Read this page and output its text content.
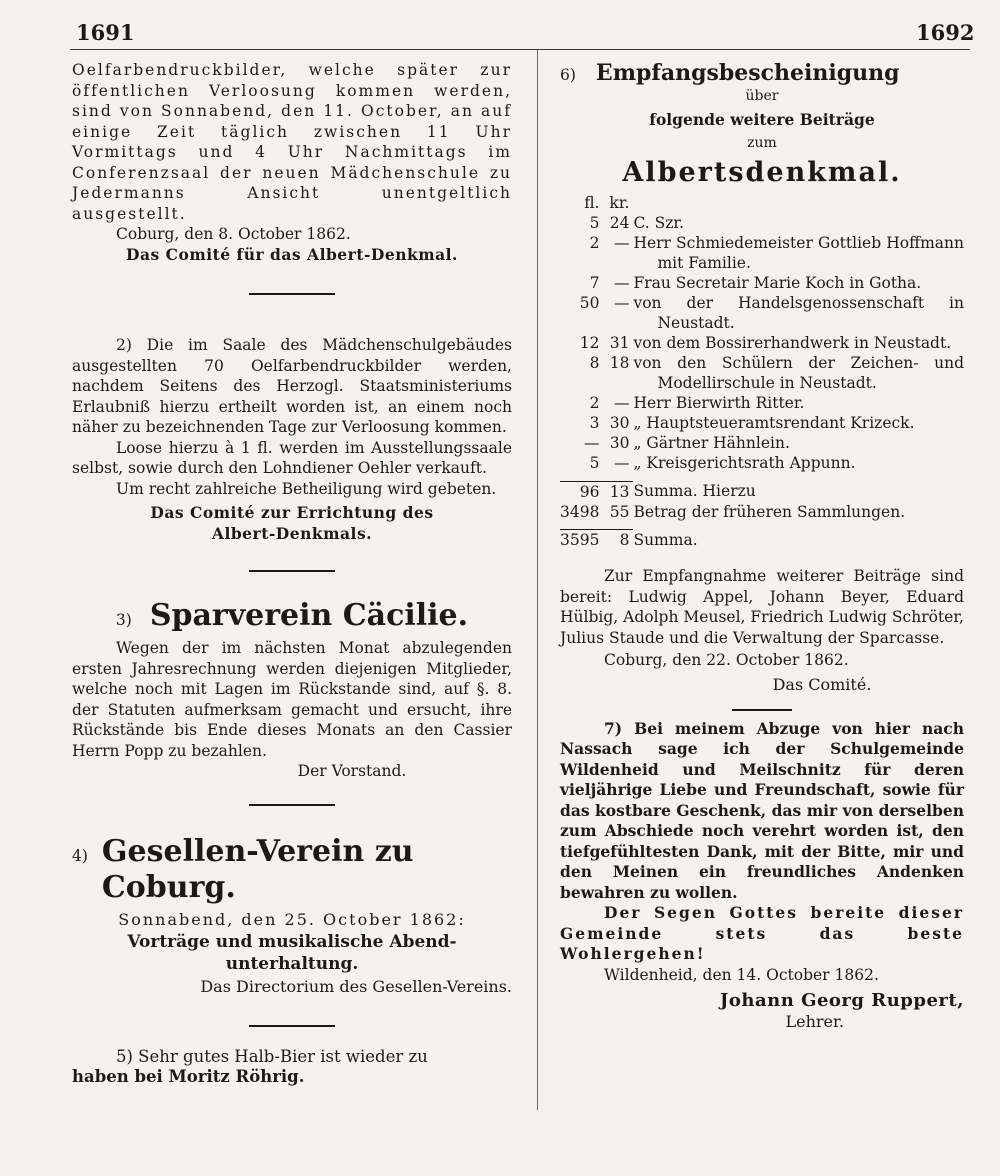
1691	1692

Oelfarbendruckbilder, welche später zur öffentlichen Verloosung kommen werden, sind von Sonnabend, den 11. October, an auf einige Zeit täglich zwischen 11 Uhr Vormittags und 4 Uhr Nachmittags im Conferenzsaal der neuen Mädchenschule zu Jedermanns Ansicht unentgeltlich ausgestellt.

Coburg, den 8. October 1862.

Das Comité für das Albert-Denkmal.

2) Die im Saale des Mädchenschulgebäudes ausgestellten 70 Oelfarbendruckbilder werden, nachdem Seitens des Herzogl. Staatsministeriums Erlaubniß hierzu ertheilt worden ist, an einem noch näher zu bezeichnenden Tage zur Verloosung kommen.

Loose hierzu à 1 fl. werden im Ausstellungssaale selbst, sowie durch den Lohndiener Oehler verkauft.

Um recht zahlreiche Betheiligung wird gebeten.

Das Comité zur Errichtung des

Albert-Denkmals.

3) Sparverein Cäcilie.

Wegen der im nächsten Monat abzulegenden ersten Jahresrechnung werden diejenigen Mitglieder, welche noch mit Lagen im Rückstande sind, auf §. 8. der Statuten aufmerksam gemacht und ersucht, ihre Rückstände bis Ende dieses Monats an den Cassier Herrn Popp zu bezahlen.

Der Vorstand.

4) Gesellen-Verein zu Coburg.

Sonnabend, den 25. October 1862:

Vorträge und musikalische Abend-

unterhaltung.

Das Directorium des Gesellen-Vereins.

5) Sehr gutes Halb-Bier ist wieder zu

haben bei Moritz Röhrig.

6) Empfangsbescheinigung

über

folgende weitere Beiträge

zum

Albertsdenkmal.

fl.	kr.	
5	24	C. Szr.
2	—	Herr Schmiedemeister Gottlieb Hoffmann mit Familie.
7	—	Frau Secretair Marie Koch in Gotha.
50	—	von der Handelsgenossenschaft in Neustadt.
12	31	von dem Bossirerhandwerk in Neustadt.
8	18	von den Schülern der Zeichen- und Modellirschule in Neustadt.
2	—	Herr Bierwirth Ritter.
3	30	„ Hauptsteueramtsrendant Krizeck.
—	30	„ Gärtner Hähnlein.
5	—	„ Kreisgerichtsrath Appunn.

96	13	Summa. Hierzu
3498	55	Betrag der früheren Sammlungen.

3595	8	Summa.

Zur Empfangnahme weiterer Beiträge sind bereit: Ludwig Appel, Johann Beyer, Eduard Hülbig, Adolph Meusel, Friedrich Ludwig Schröter, Julius Staude und die Verwaltung der Sparcasse.

Coburg, den 22. October 1862.

Das Comité.

7) Bei meinem Abzuge von hier nach Nassach sage ich der Schulgemeinde Wildenheid und Meilschnitz für deren vieljährige Liebe und Freundschaft, sowie für das kostbare Geschenk, das mir von derselben zum Abschiede noch verehrt worden ist, den tiefgefühltesten Dank, mit der Bitte, mir und den Meinen ein freundliches Andenken bewahren zu wollen.

Der Segen Gottes bereite dieser Gemeinde stets das beste Wohlergehen!

Wildenheid, den 14. October 1862.

Johann Georg Ruppert,

Lehrer.
